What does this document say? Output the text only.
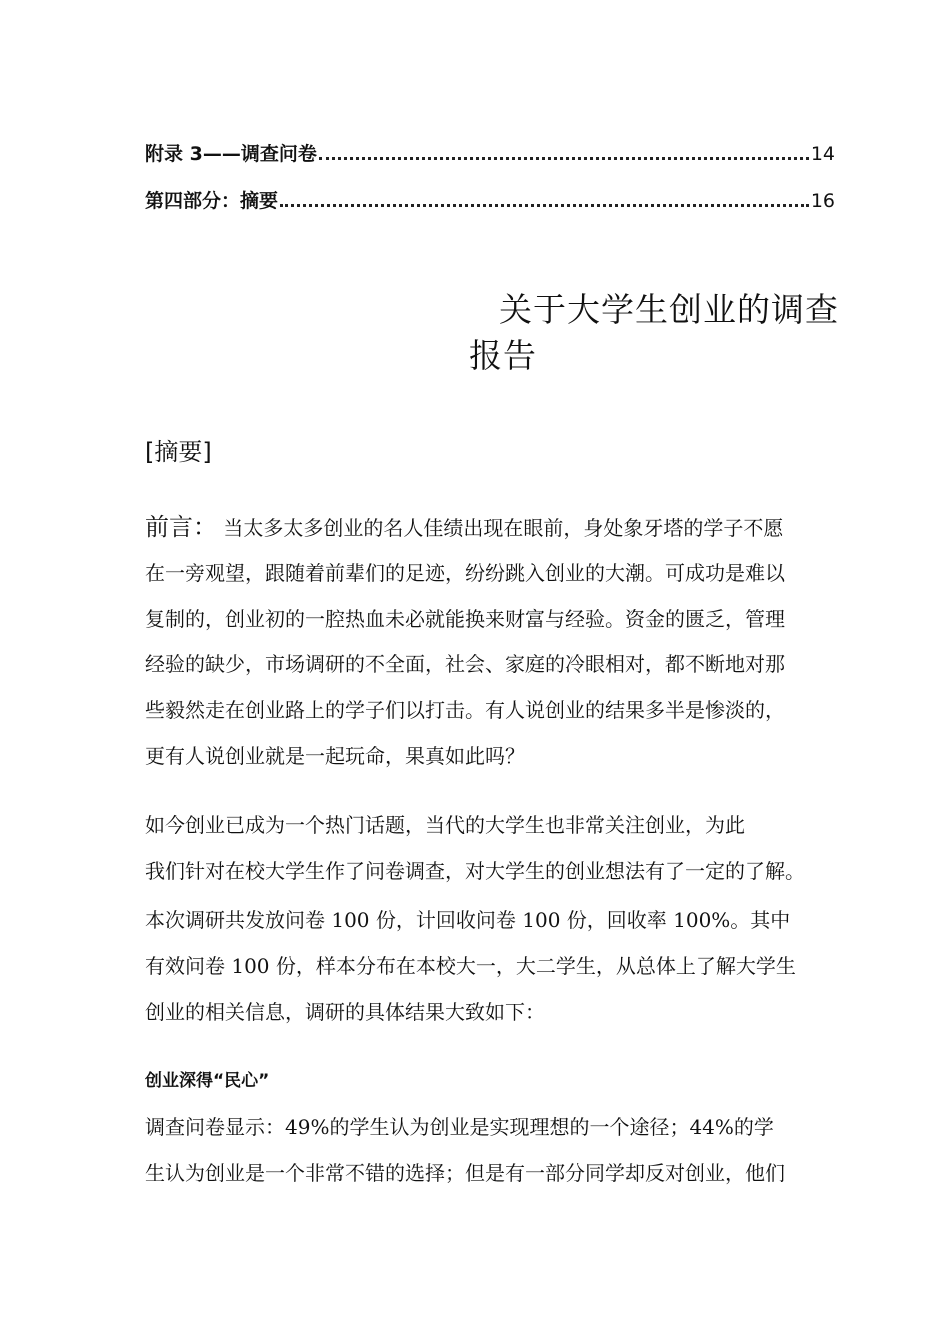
附录 3——调查问卷	14
第四部分：摘要	16
关于大学生创业的调查
报告
[摘要]
前言： 当太多太多创业的名人佳绩出现在眼前，身处象牙塔的学子不愿
在一旁观望，跟随着前辈们的足迹，纷纷跳入创业的大潮。可成功是难以
复制的，创业初的一腔热血未必就能换来财富与经验。资金的匮乏，管理
经验的缺少，市场调研的不全面，社会、家庭的冷眼相对，都不断地对那
些毅然走在创业路上的学子们以打击。有人说创业的结果多半是惨淡的，
更有人说创业就是一起玩命，果真如此吗？
如今创业已成为一个热门话题，当代的大学生也非常关注创业，为此
我们针对在校大学生作了问卷调查，对大学生的创业想法有了一定的了解。
本次调研共发放问卷 100 份，计回收问卷 100 份，回收率 100%。其中
有效问卷 100 份，样本分布在本校大一，大二学生，从总体上了解大学生
创业的相关信息，调研的具体结果大致如下：
创业深得“民心”
调查问卷显示：49%的学生认为创业是实现理想的一个途径；44%的学
生认为创业是一个非常不错的选择；但是有一部分同学却反对创业，他们
